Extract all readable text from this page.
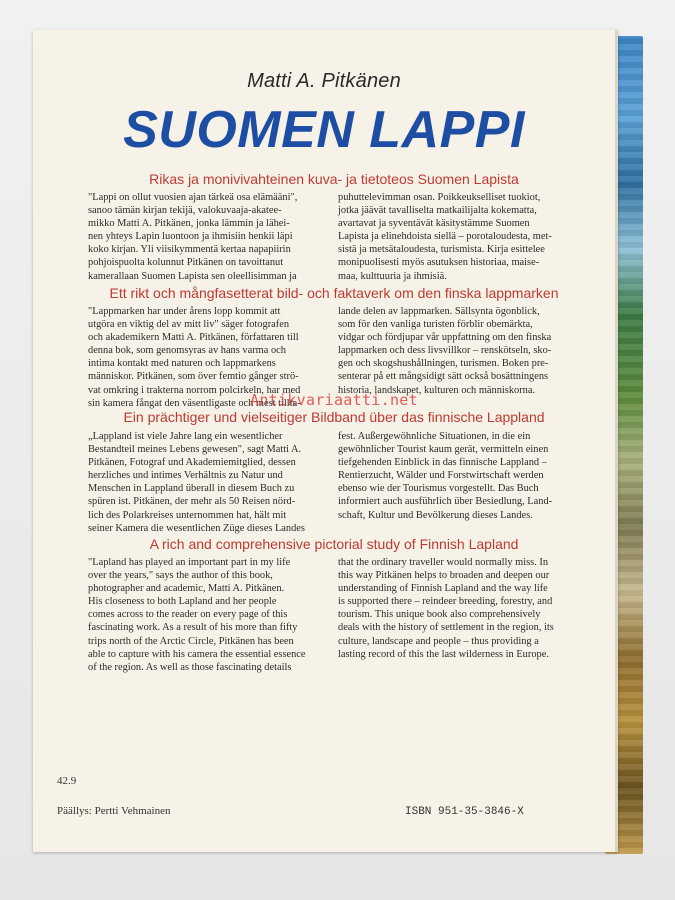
Matti A. Pitkänen
SUOMEN LAPPI
Rikas ja monivivahteinen kuva- ja tietoteos Suomen Lapista
"Lappi on ollut vuosien ajan tärkeä osa elämääni",
sanoo tämän kirjan tekijä, valokuvaaja-akatee-
mikko Matti A. Pitkänen, jonka lämmin ja lähei-
nen yhteys Lapin luontoon ja ihmisiin henkii läpi
koko kirjan. Yli viisikymmentä kertaa napapiirin
pohjoispuolta kolunnut Pitkänen on tavoittanut
kamerallaan Suomen Lapista sen oleellisimman ja
puhuttelevimman osan. Poikkeukselliset tuokiot,
jotka jäävät tavalliselta matkailijalta kokematta,
avartavat ja syventävät käsitystämme Suomen
Lapista ja elinehdoista siellä – porotaloudesta, met-
sistä ja metsätaloudesta, turismista. Kirja esittelee
monipuolisesti myös asutuksen historiaa, maise-
maa, kulttuuria ja ihmisiä.
Ett rikt och mångfasetterat bild- och faktaverk om den finska lappmarken
"Lappmarken har under årens lopp kommit att
utgöra en viktig del av mitt liv" säger fotografen
och akademikern Matti A. Pitkänen, författaren till
denna bok, som genomsyras av hans varma och
intima kontakt med naturen och lappmarkens
människor. Pitkänen, som över femtio gånger strö-
vat omkring i trakterna norrom polcirkeln, har med
sin kamera fångat den väsentligaste och mest tillta-
lande delen av lappmarken. Sällsynta ögonblick,
som för den vanliga turisten förblir obemärkta,
vidgar och fördjupar vår uppfattning om den finska
lappmarken och dess livsvillkor – renskötseln, sko-
gen och skogshushållningen, turismen. Boken pre-
senterar på ett mångsidigt sätt också bosättningens
historia, landskapet, kulturen och människorna.
Antikvariaatti.net
Ein prächtiger und vielseitiger Bildband über das finnische Lappland
„Lappland ist viele Jahre lang ein wesentlicher
Bestandteil meines Lebens gewesen", sagt Matti A.
Pitkänen, Fotograf und Akademiemitglied, dessen
herzliches und intimes Verhältnis zu Natur und
Menschen in Lappland überall in diesem Buch zu
spüren ist. Pitkänen, der mehr als 50 Reisen nörd-
lich des Polarkreises unternommen hat, hält mit
seiner Kamera die wesentlichen Züge dieses Landes
fest. Außergewöhnliche Situationen, in die ein
gewöhnlicher Tourist kaum gerät, vermitteln einen
tiefgehenden Einblick in das finnische Lappland –
Rentierzucht, Wälder und Forstwirtschaft werden
ebenso wie der Tourismus vorgestellt. Das Buch
informiert auch ausführlich über Besiedlung, Land-
schaft, Kultur und Bevölkerung dieses Landes.
A rich and comprehensive pictorial study of Finnish Lapland
"Lapland has played an important part in my life
over the years," says the author of this book,
photographer and academic, Matti A. Pitkänen.
His closeness to both Lapland and her people
comes across to the reader on every page of this
fascinating work. As a result of his more than fifty
trips north of the Arctic Circle, Pitkänen has been
able to capture with his camera the essential essence
of the region. As well as those fascinating details
that the ordinary traveller would normally miss. In
this way Pitkänen helps to broaden and deepen our
understanding of Finnish Lapland and the way life
is supported there – reindeer breeding, forestry, and
tourism. This unique book also comprehensively
deals with the history of settlement in the region, its
culture, landscape and people – thus providing a
lasting record of this the last wilderness in Europe.
42.9
Päällys: Pertti Vehmainen	ISBN 951-35-3846-X
